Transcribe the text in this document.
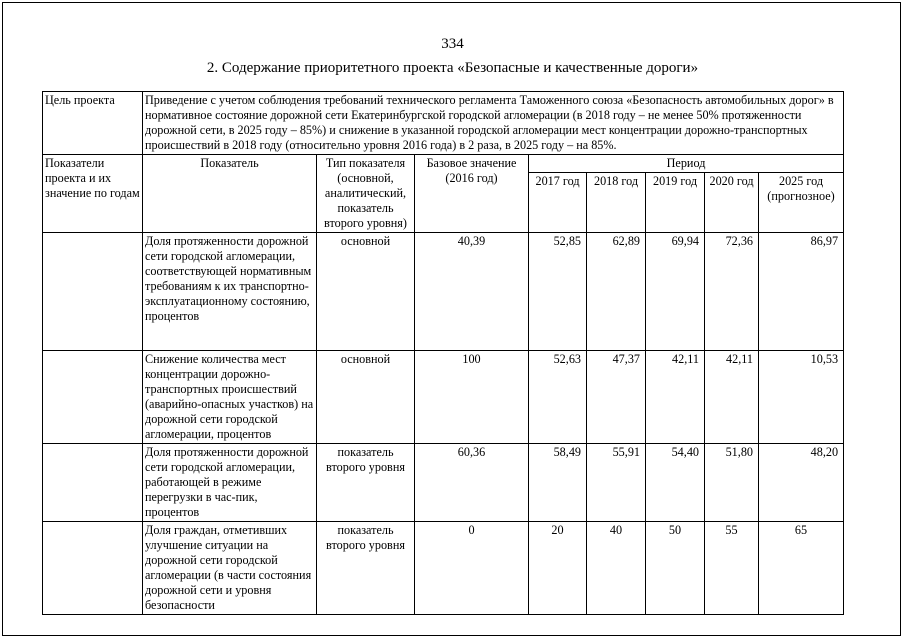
334
2. Содержание приоритетного проекта «Безопасные и качественные дороги»
Цель проекта	Приведение с учетом соблюдения требований технического регламента Таможенного союза «Безопасность автомобильных дорог» в нормативное состояние дорожной сети Екатеринбургской городской агломерации (в 2018 году – не менее 50% протяженности дорожной сети, в 2025 году – 85%) и снижение в указанной городской агломерации мест концентрации дорожно-транспортных происшествий в 2018 году (относительно уровня 2016 года) в 2 раза, в 2025 году – на 85%.							
Показатели проекта и их значение по годам	Показатель	Тип показателя (основной, аналитический, показатель второго уровня)	Базовое значение (2016 год)	Период				
				2017 год	2018 год	2019 год	2020 год	2025 год (прогнозное)
	Доля протяженности дорожной сети городской агломерации, соответствующей нормативным требованиям к их транспортно-эксплуатационному состоянию, процентов	основной	40,39	52,85	62,89	69,94	72,36	86,97
	Снижение количества мест концентрации дорожно-транспортных происшествий (аварийно-опасных участков) на дорожной сети городской агломерации, процентов	основной	100	52,63	47,37	42,11	42,11	10,53
	Доля протяженности дорожной сети городской агломерации, работающей в режиме перегрузки в час-пик, процентов	показатель второго уровня	60,36	58,49	55,91	54,40	51,80	48,20
	Доля граждан, отметивших улучшение ситуации на дорожной сети городской агломерации (в части состояния дорожной сети и уровня безопасности	показатель второго уровня	0	20	40	50	55	65
